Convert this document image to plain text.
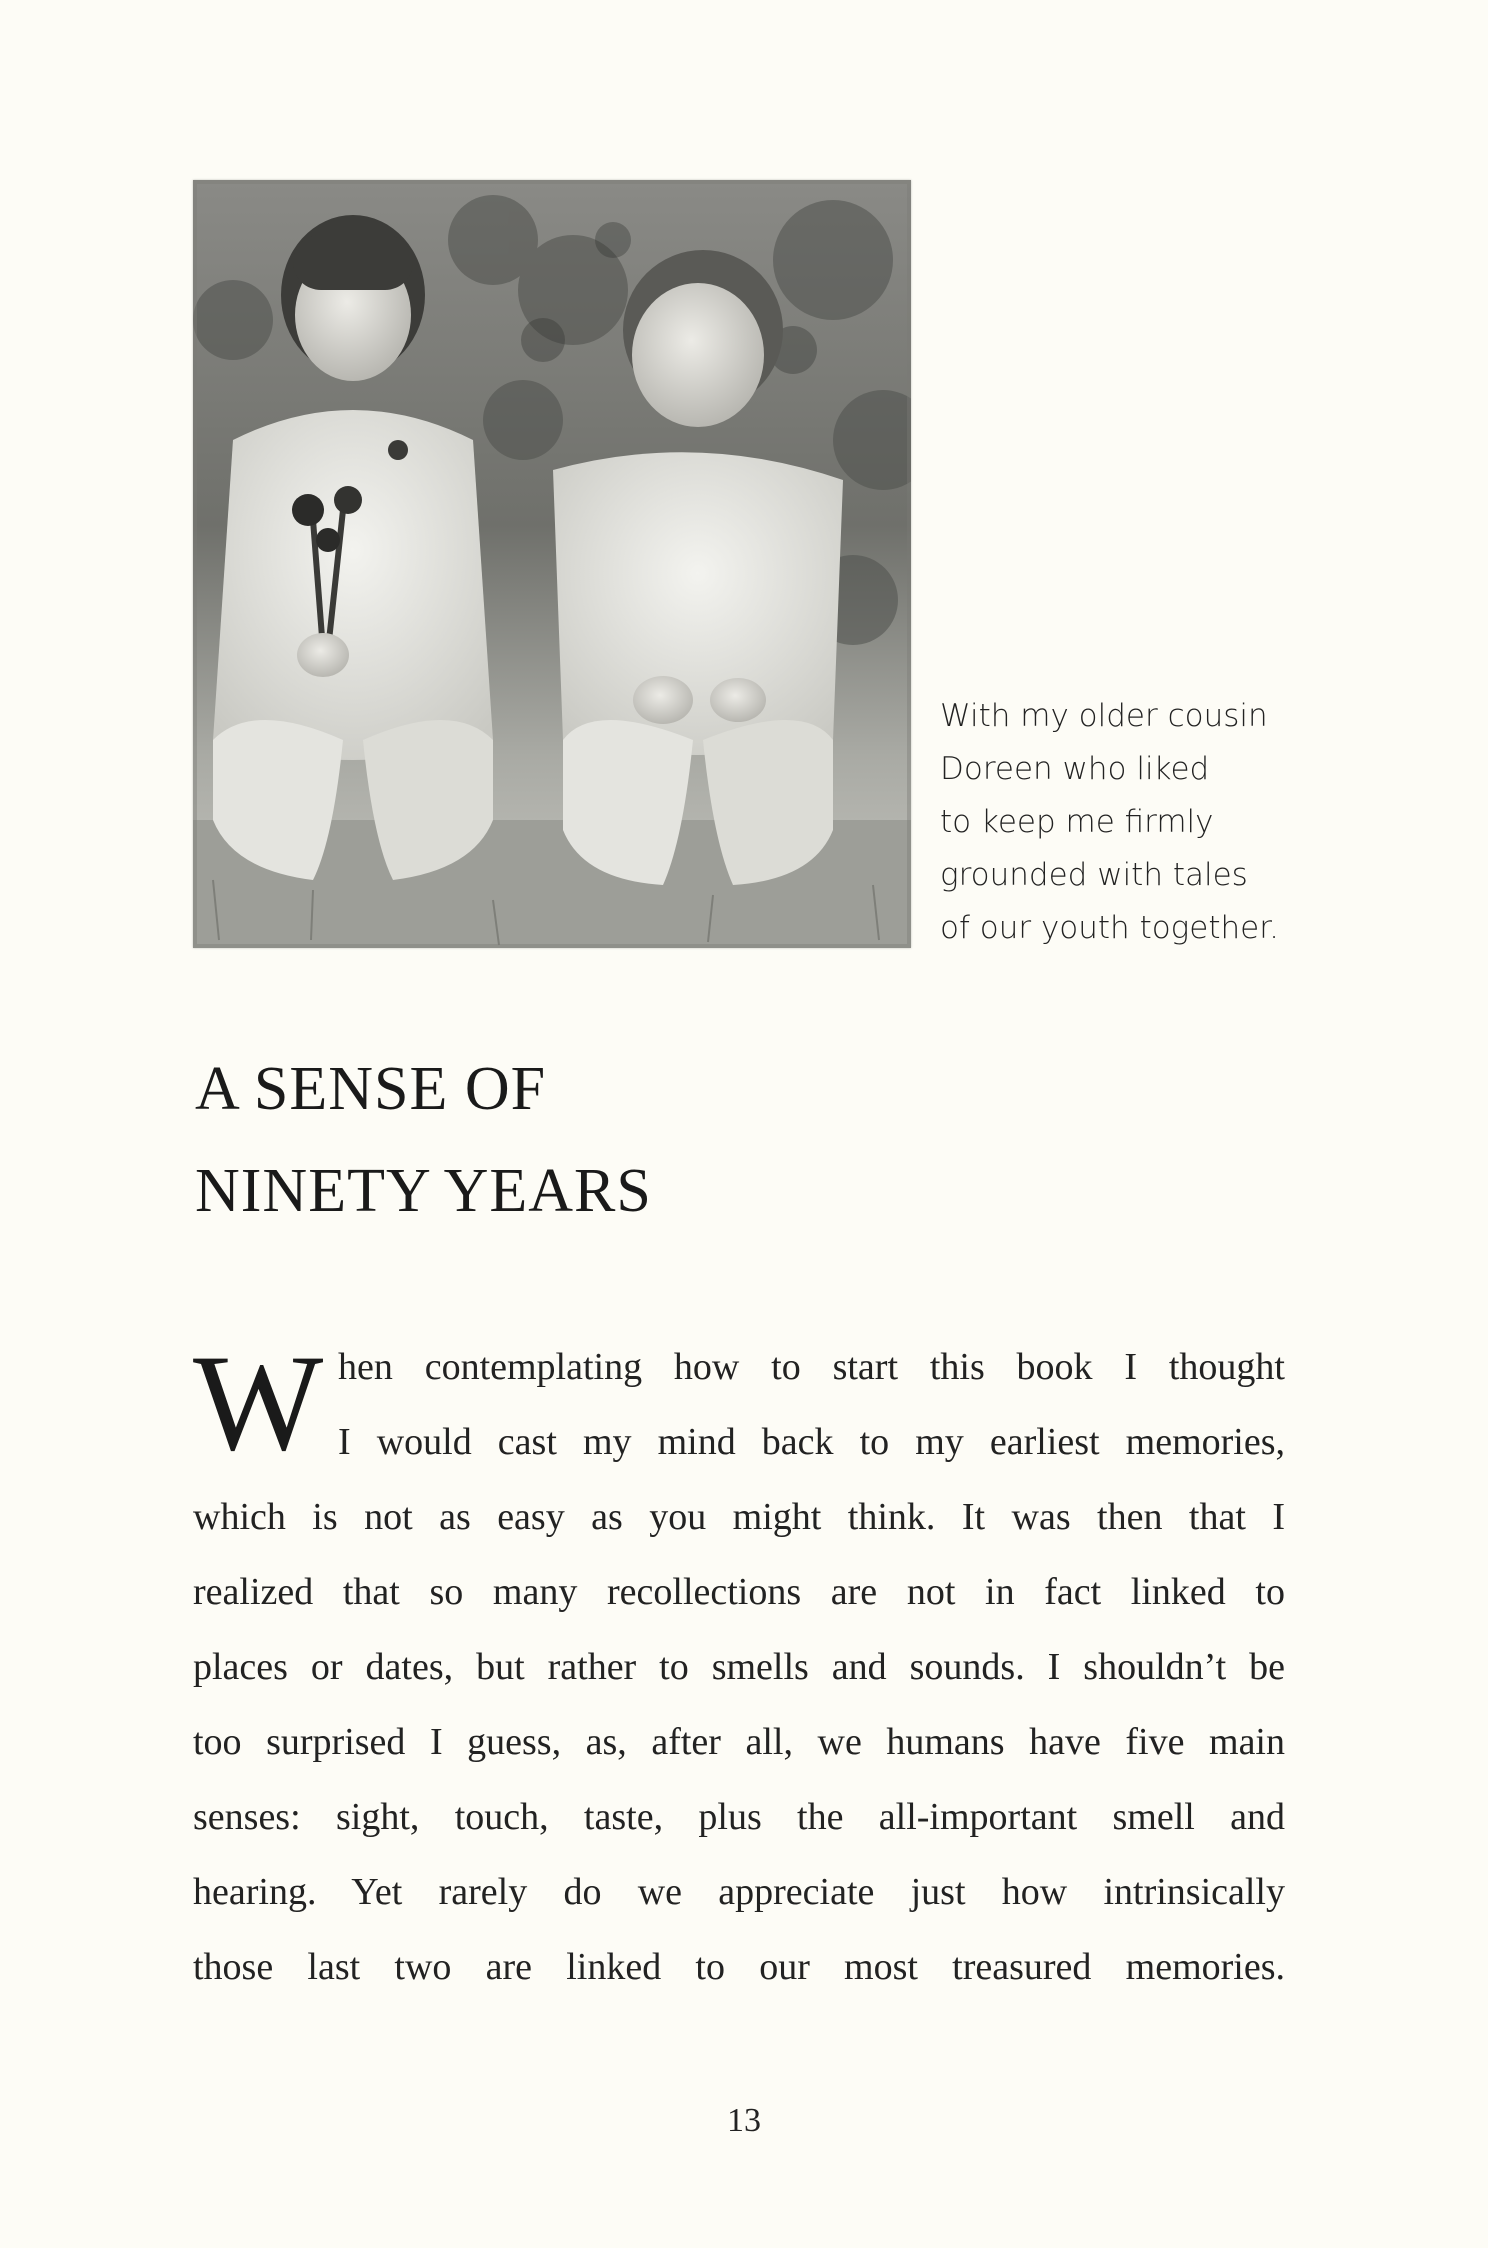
With my older cousin
Doreen who liked
to keep me firmly
grounded with tales
of our youth together.
A SENSE OF
NINETY YEARS
W hen contemplating how to start this book I thought
I would cast my mind back to my earliest memories,
which is not as easy as you might think. It was then that I
realized that so many recollections are not in fact linked to
places or dates, but rather to smells and sounds. I shouldn’t be
too surprised I guess, as, after all, we humans have five main
senses: sight, touch, taste, plus the all-important smell and
hearing. Yet rarely do we appreciate just how intrinsically
those last two are linked to our most treasured memories.
13
